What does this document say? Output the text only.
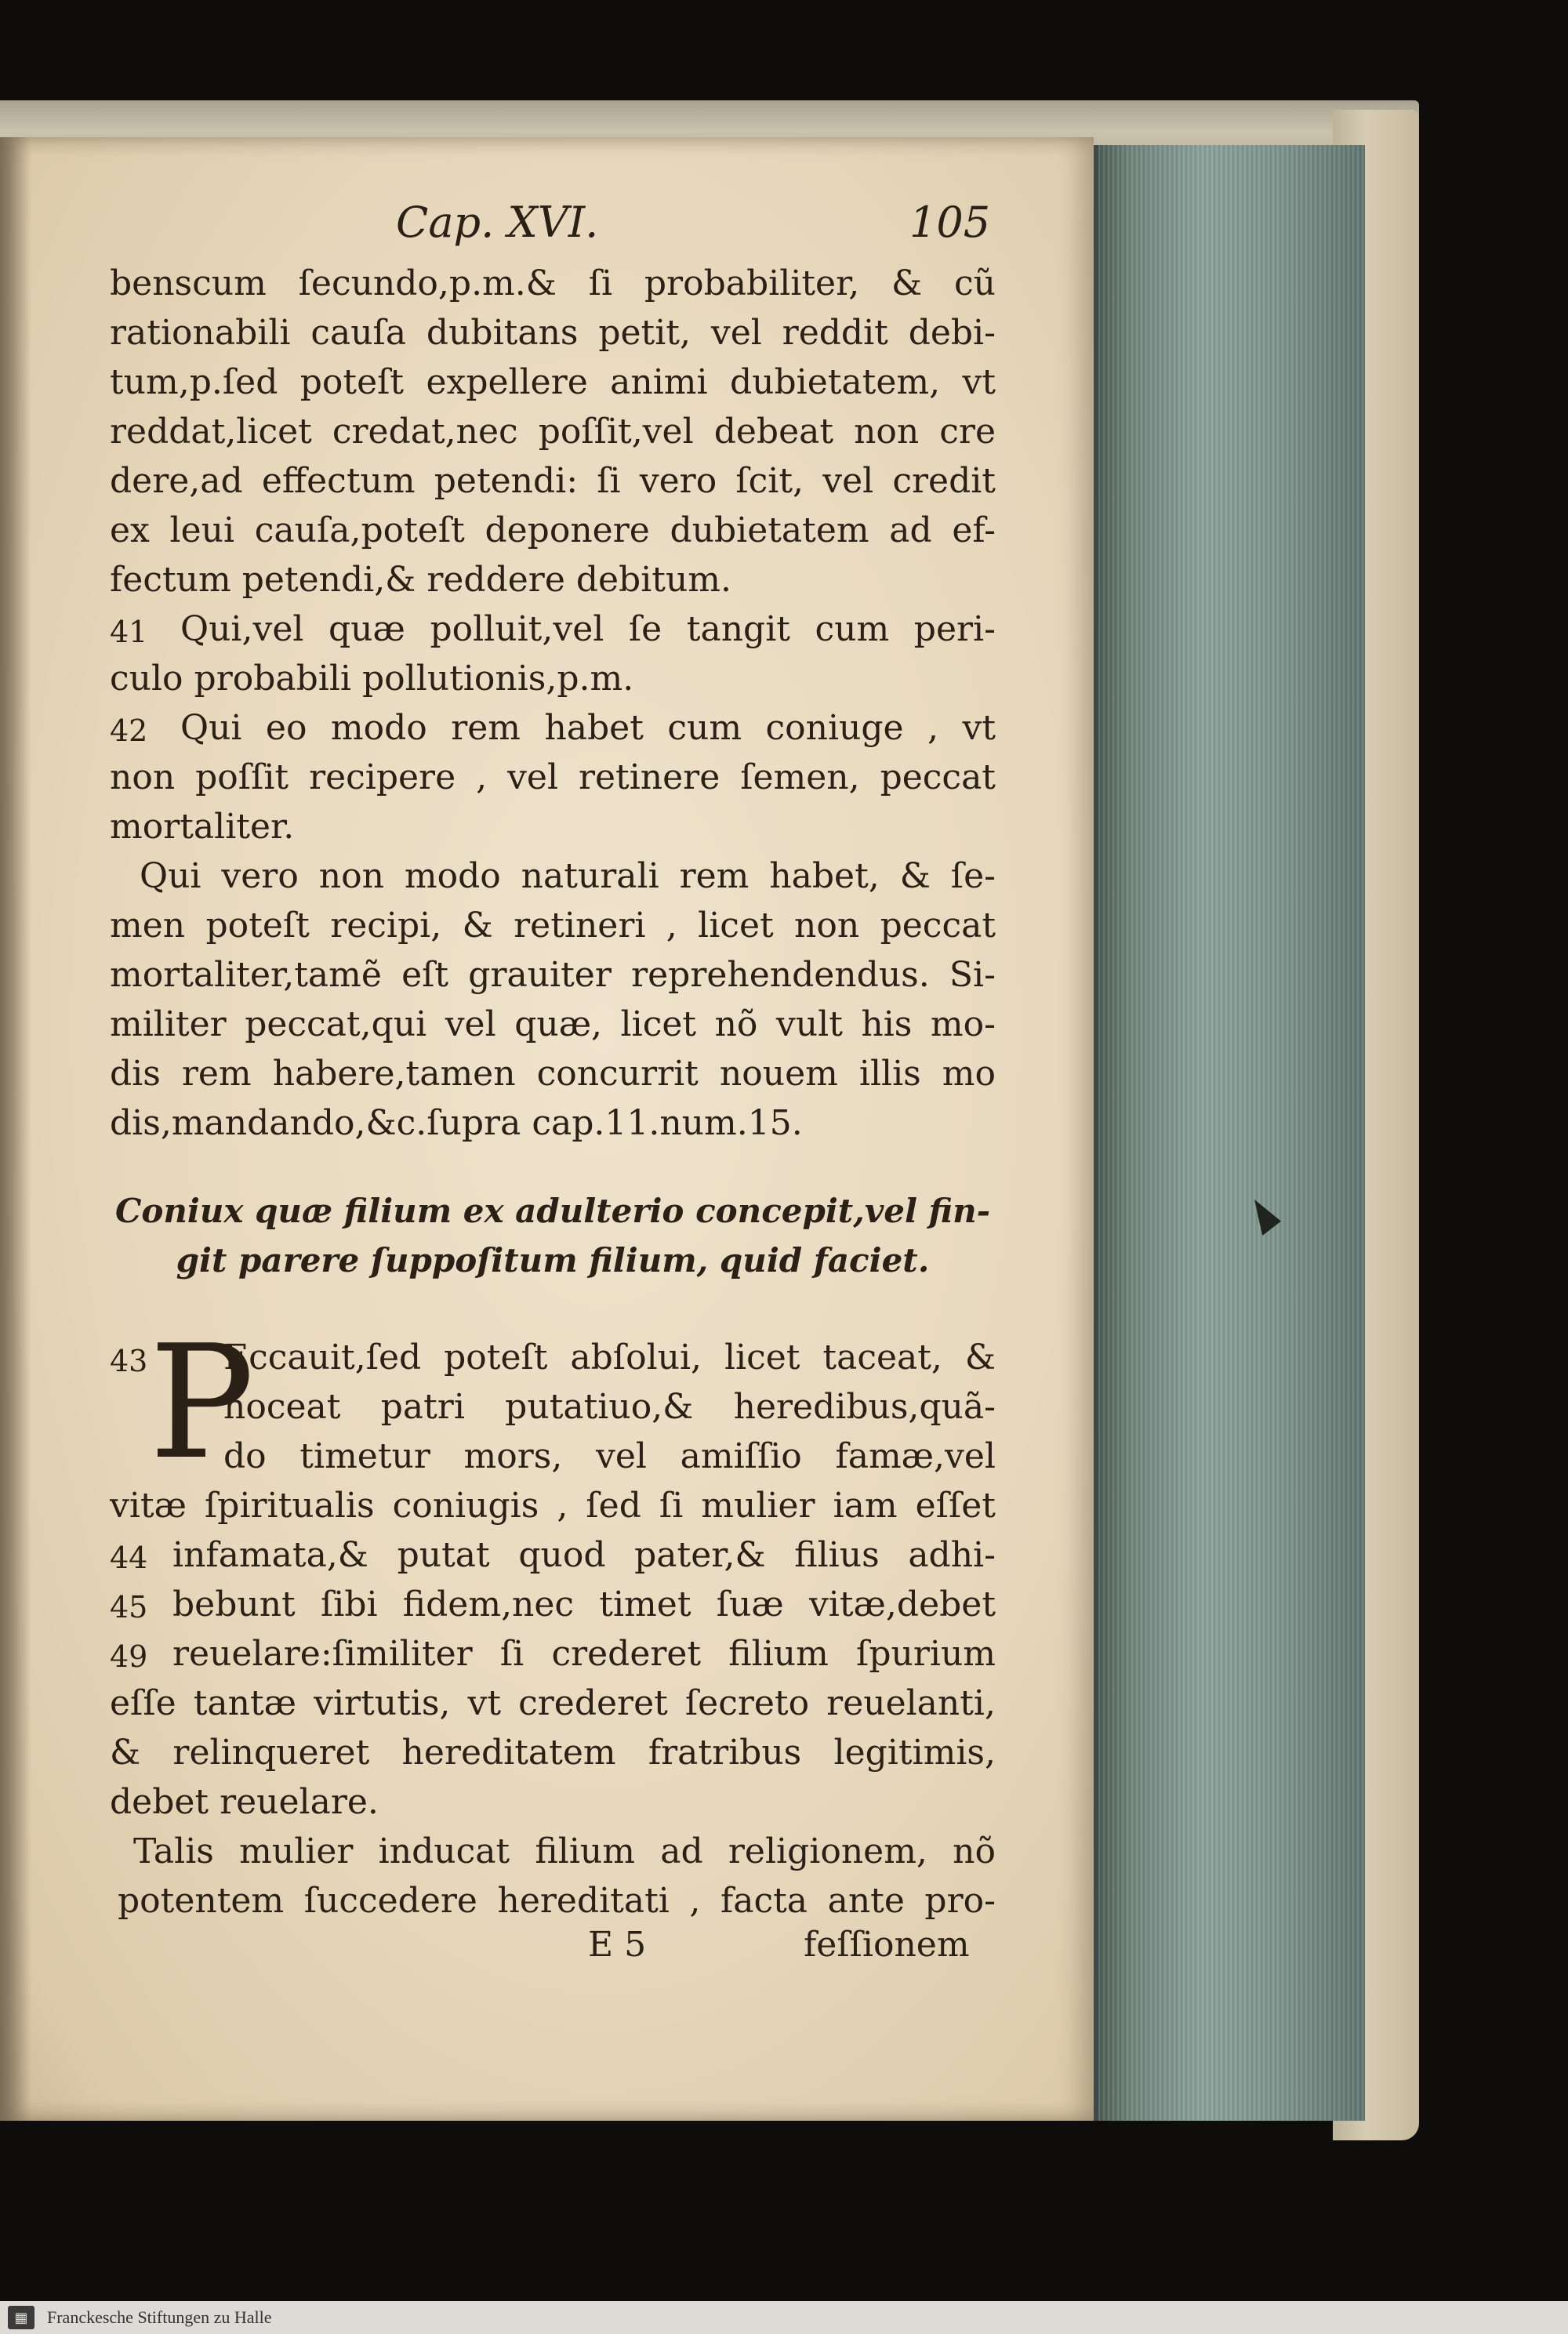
Cap. XVI.	105
benscum ſecundo,p.m.& ſi probabiliter, & cũ
rationabili cauſa dubitans petit, vel reddit debi-
tum,p.ſed poteſt expellere animi dubietatem, vt
reddat,licet credat,nec poſſit,vel debeat non cre
dere,ad effectum petendi: ſi vero ſcit, vel credit
ex leui cauſa,poteſt deponere dubietatem ad ef-
fectum petendi,& reddere debitum.
41 Qui,vel quæ polluit,vel ſe tangit cum peri-
culo probabili pollutionis,p.m.
42 Qui eo modo rem habet cum coniuge , vt
non poſſit recipere , vel retinere ſemen, peccat
mortaliter.
Qui vero non modo naturali rem habet, & ſe-
men poteſt recipi, & retineri , licet non peccat
mortaliter,tamẽ eſt grauiter reprehendendus. Si-
militer peccat,qui vel quæ, licet nõ vult his mo-
dis rem habere,tamen concurrit nouem illis mo
dis,mandando,&c.ſupra cap.11.num.15.
Coniux quæ filium ex adulterio concepit,vel fin-
git parere ſuppoſitum filium, quid faciet.
P
43 Eccauit,ſed poteſt abſolui, licet taceat, &
noceat patri putatiuo,& heredibus,quã-
do timetur mors, vel amiſſio famæ,vel
vitæ ſpiritualis coniugis , ſed ſi mulier iam eſſet
44 infamata,& putat quod pater,& filius adhi-
45 bebunt ſibi fidem,nec timet ſuæ vitæ,debet
49 reuelare:ſimiliter ſi crederet filium ſpurium
eſſe tantæ virtutis, vt crederet ſecreto reuelanti,
& relinqueret hereditatem fratribus legitimis,
debet reuelare.
Talis mulier inducat filium ad religionem, nõ
potentem ſuccedere hereditati , facta ante pro-
E 5	feſſionem
▦	Franckesche Stiftungen zu Halle
